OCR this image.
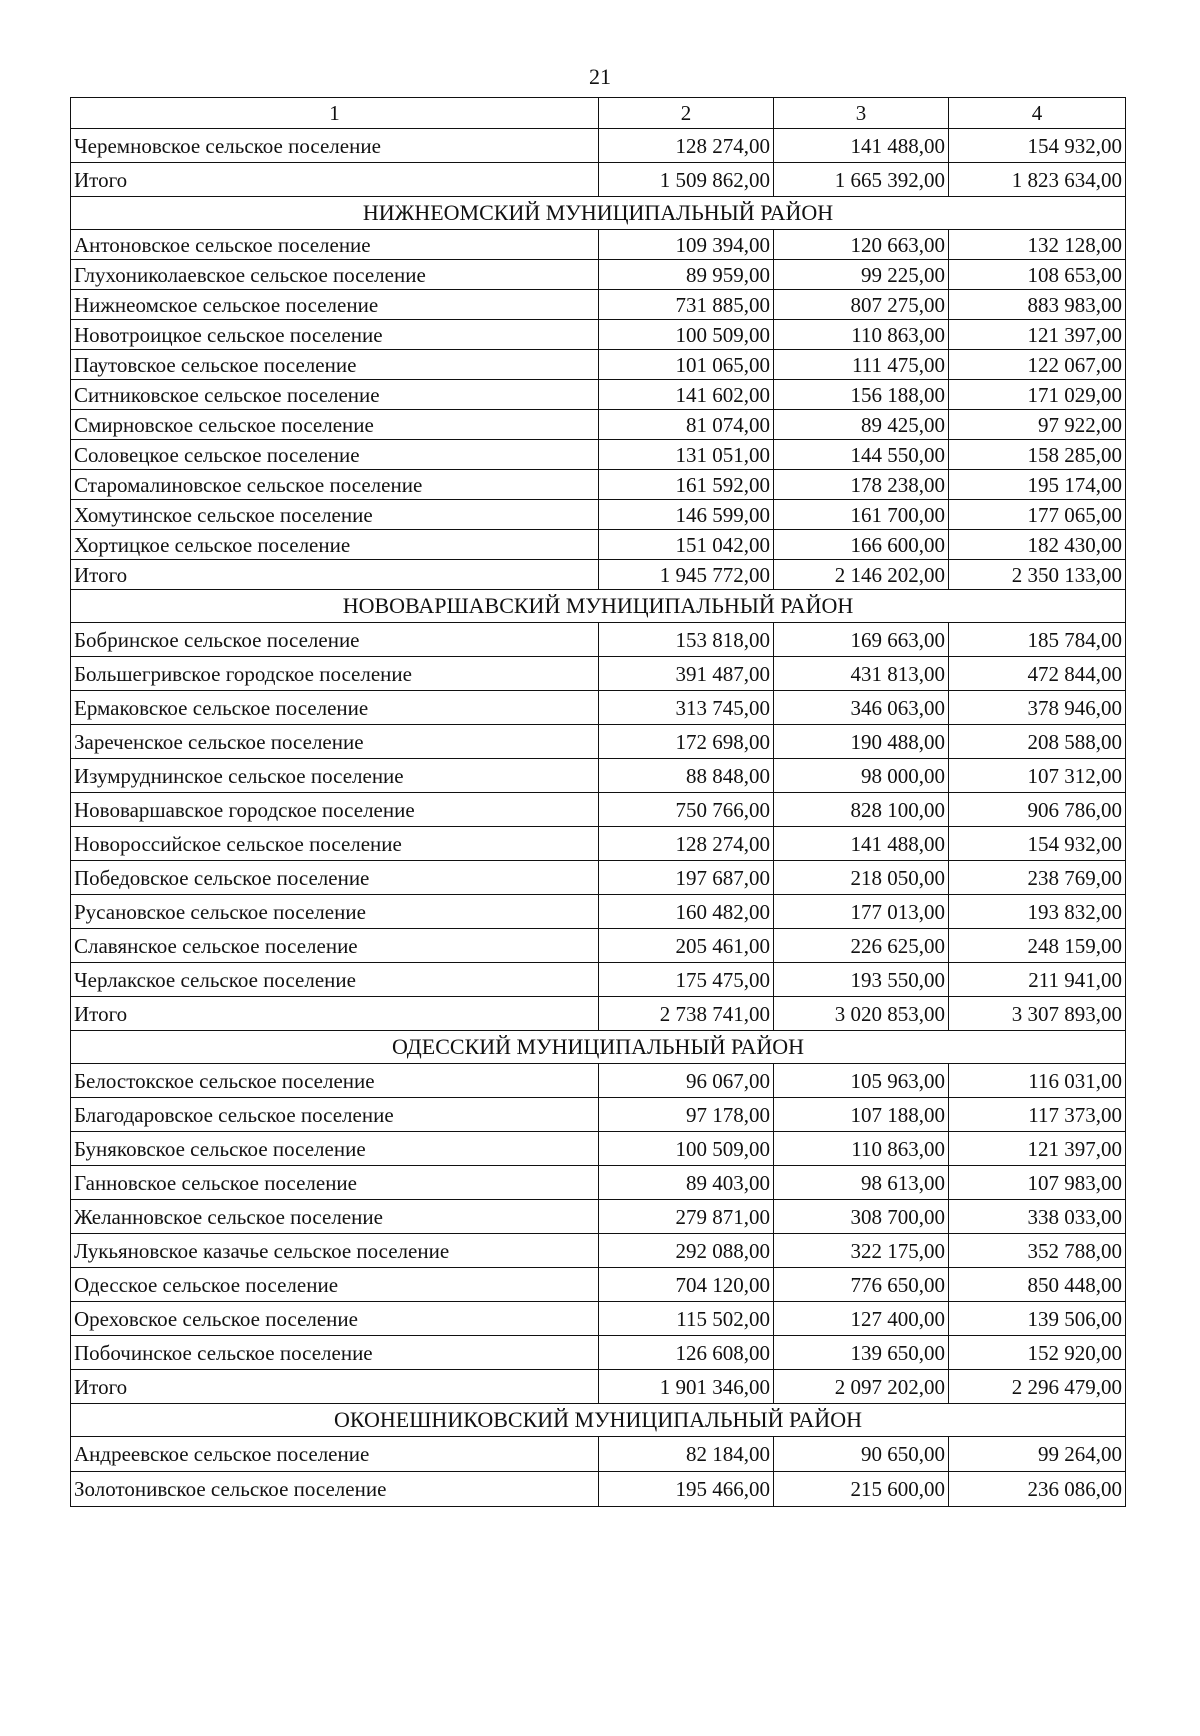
21
1	2	3	4
Черемновское сельское поселение	128 274,00	141 488,00	154 932,00
Итого	1 509 862,00	1 665 392,00	1 823 634,00
НИЖНЕОМСКИЙ МУНИЦИПАЛЬНЫЙ РАЙОН			
Антоновское сельское поселение	109 394,00	120 663,00	132 128,00
Глухониколаевское сельское поселение	89 959,00	99 225,00	108 653,00
Нижнеомское сельское поселение	731 885,00	807 275,00	883 983,00
Новотроицкое сельское поселение	100 509,00	110 863,00	121 397,00
Паутовское сельское поселение	101 065,00	111 475,00	122 067,00
Ситниковское сельское поселение	141 602,00	156 188,00	171 029,00
Смирновское сельское поселение	81 074,00	89 425,00	97 922,00
Соловецкое сельское поселение	131 051,00	144 550,00	158 285,00
Старомалиновское сельское поселение	161 592,00	178 238,00	195 174,00
Хомутинское сельское поселение	146 599,00	161 700,00	177 065,00
Хортицкое сельское поселение	151 042,00	166 600,00	182 430,00
Итого	1 945 772,00	2 146 202,00	2 350 133,00
НОВОВАРШАВСКИЙ МУНИЦИПАЛЬНЫЙ РАЙОН			
Бобринское сельское поселение	153 818,00	169 663,00	185 784,00
Большегривское городское поселение	391 487,00	431 813,00	472 844,00
Ермаковское сельское поселение	313 745,00	346 063,00	378 946,00
Зареченское сельское поселение	172 698,00	190 488,00	208 588,00
Изумруднинское сельское поселение	88 848,00	98 000,00	107 312,00
Нововаршавское городское поселение	750 766,00	828 100,00	906 786,00
Новороссийское сельское поселение	128 274,00	141 488,00	154 932,00
Победовское сельское поселение	197 687,00	218 050,00	238 769,00
Русановское сельское поселение	160 482,00	177 013,00	193 832,00
Славянское сельское поселение	205 461,00	226 625,00	248 159,00
Черлакское сельское поселение	175 475,00	193 550,00	211 941,00
Итого	2 738 741,00	3 020 853,00	3 307 893,00
ОДЕССКИЙ МУНИЦИПАЛЬНЫЙ РАЙОН			
Белостокское сельское поселение	96 067,00	105 963,00	116 031,00
Благодаровское сельское поселение	97 178,00	107 188,00	117 373,00
Буняковское сельское поселение	100 509,00	110 863,00	121 397,00
Ганновское сельское поселение	89 403,00	98 613,00	107 983,00
Желанновское сельское поселение	279 871,00	308 700,00	338 033,00
Лукьяновское казачье сельское поселение	292 088,00	322 175,00	352 788,00
Одесское сельское поселение	704 120,00	776 650,00	850 448,00
Ореховское сельское поселение	115 502,00	127 400,00	139 506,00
Побочинское сельское поселение	126 608,00	139 650,00	152 920,00
Итого	1 901 346,00	2 097 202,00	2 296 479,00
ОКОНЕШНИКОВСКИЙ МУНИЦИПАЛЬНЫЙ РАЙОН			
Андреевское сельское поселение	82 184,00	90 650,00	99 264,00
Золотонивское сельское поселение	195 466,00	215 600,00	236 086,00
